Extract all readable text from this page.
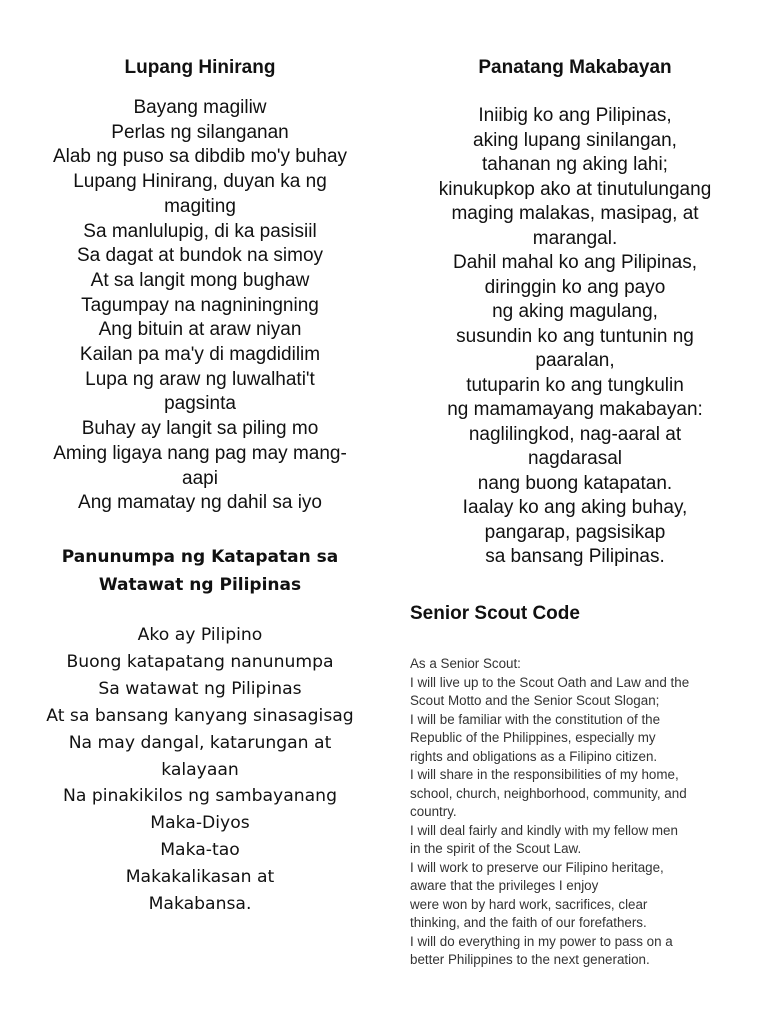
Lupang Hinirang
Bayang magiliw
Perlas ng silanganan
Alab ng puso sa dibdib mo'y buhay
Lupang Hinirang, duyan ka ng
magiting
Sa manlulupig, di ka pasisiil
Sa dagat at bundok na simoy
At sa langit mong bughaw
Tagumpay na nagniningning
Ang bituin at araw niyan
Kailan pa ma'y di magdidilim
Lupa ng araw ng luwalhati't
pagsinta
Buhay ay langit sa piling mo
Aming ligaya nang pag may mang-
aapi
Ang mamatay ng dahil sa iyo
Panunumpa ng Katapatan sa
Watawat ng Pilipinas
Ako ay Pilipino
Buong katapatang nanunumpa
Sa watawat ng Pilipinas
At sa bansang kanyang sinasagisag
Na may dangal, katarungan at
kalayaan
Na pinakikilos ng sambayanang
Maka-Diyos
Maka-tao
Makakalikasan at
Makabansa.
Panatang Makabayan
Iniibig ko ang Pilipinas,
aking lupang sinilangan,
tahanan ng aking lahi;
kinukupkop ako at tinutulungang
maging malakas, masipag, at
marangal.
Dahil mahal ko ang Pilipinas,
diringgin ko ang payo
ng aking magulang,
susundin ko ang tuntunin ng
paaralan,
tutuparin ko ang tungkulin
ng mamamayang makabayan:
naglilingkod, nag-aaral at
nagdarasal
nang buong katapatan.
Iaalay ko ang aking buhay,
pangarap, pagsisikap
sa bansang Pilipinas.
Senior Scout Code
As a Senior Scout:
I will live up to the Scout Oath and Law and the
Scout Motto and the Senior Scout Slogan;
I will be familiar with the constitution of the
Republic of the Philippines, especially my
rights and obligations as a Filipino citizen.
I will share in the responsibilities of my home,
school, church, neighborhood, community, and
country.
I will deal fairly and kindly with my fellow men
in the spirit of the Scout Law.
I will work to preserve our Filipino heritage,
aware that the privileges I enjoy
were won by hard work, sacrifices, clear
thinking, and the faith of our forefathers.
I will do everything in my power to pass on a
better Philippines to the next generation.
